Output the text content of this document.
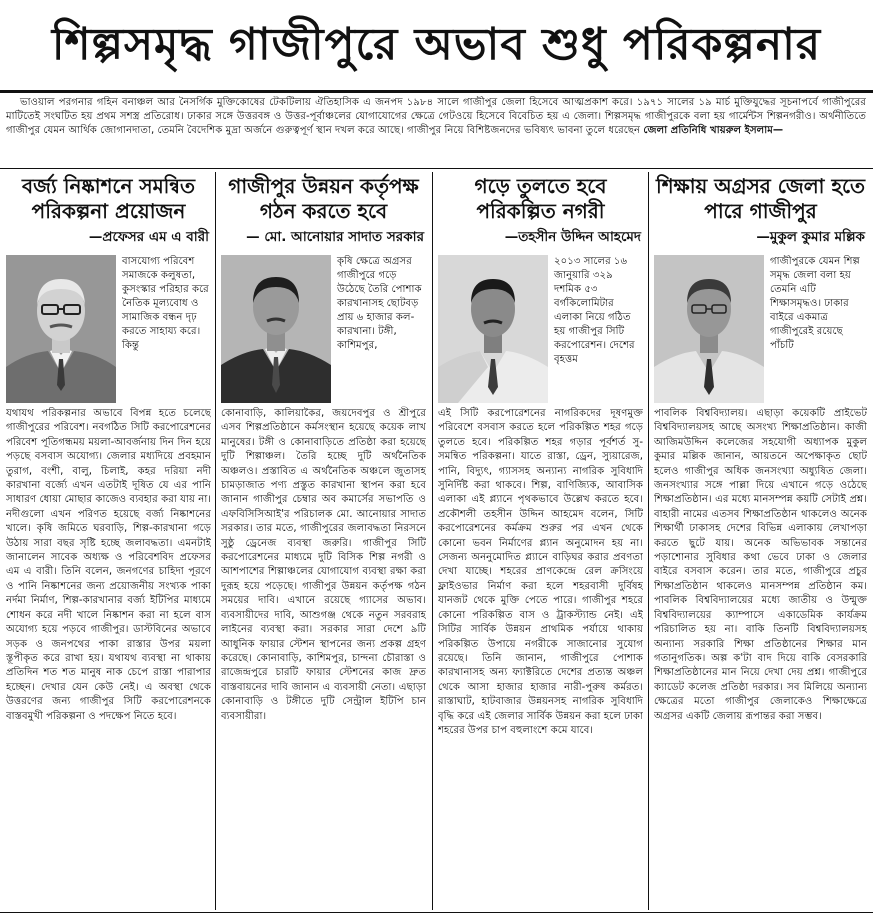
শিল্পসমৃদ্ধ গাজীপুরে অভাব শুধু পরিকল্পনার
ভাওয়াল পরগনার গহিন বনাঞ্চল আর নৈসর্গিক মুক্তিকোষের টেকটিলায় ঐতিহাসিক এ জনপদ ১৯৮৪ সালে গাজীপুর জেলা হিসেবে আত্মপ্রকাশ করে। ১৯৭১ সালের ১৯ মার্চ মুক্তিযুদ্ধের সূচনাপর্বে গাজীপুরের মাটিতেই সংঘটিত হয় প্রথম সশস্ত্র প্রতিরোধ। ঢাকার সঙ্গে উত্তরবঙ্গ ও উত্তর-পূর্বাঞ্চলের যোগাযোগের ক্ষেত্রে গেটওয়ে হিসেবে বিবেচিত হয় এ জেলা। শিল্পসমৃদ্ধ গাজীপুরকে বলা হয় গার্মেন্টস শিল্পনগরীও। অর্থনীতিতে গাজীপুর যেমন আর্থিক জোগানদাতা, তেমনি বৈদেশিক মুদ্রা অর্জনে গুরুত্বপূর্ণ স্থান দখল করে আছে। গাজীপুর নিয়ে বিশিষ্টজনদের ভবিষ্যৎ ভাবনা তুলে ধরেছেন জেলা প্রতিনিধি খায়রুল ইসলাম—
বর্জ্য নিষ্কাশনে সমন্বিত পরিকল্পনা প্রয়োজন
—প্রফেসর এম এ বারী
বাসযোগ্য পরিবেশ সমাজকে কলুষতা, কুসংস্কার পরিহার করে নৈতিক মূল্যবোধ ও সামাজিক বন্ধন দৃঢ় করতে সাহায্য করে। কিন্তু
যথাযথ পরিকল্পনার অভাবে বিপন্ন হতে চলেছে গাজীপুরের পরিবেশ। নবগঠিত সিটি করপোরেশনের পরিবেশ পূতিগন্ধময় ময়লা-আবর্জনায় দিন দিন হয়ে পড়ছে বসবাস অযোগ্য। জেলার মধ্যদিয়ে প্রবহমান তুরাগ, বংশী, বালু, চিলাই, কহর দরিয়া নদী কারখানা বর্জ্যে এখন এতটাই দূষিত যে এর পানি সাধারণ ধোয়া মোছার কাজেও ব্যবহার করা যায় না। নদীগুলো এখন পরিণত হয়েছে বর্জ্য নিষ্কাশনের খালে। কৃষি জমিতে ঘরবাড়ি, শিল্প-কারখানা গড়ে উঠায় সারা বছর সৃষ্টি হচ্ছে জলাবদ্ধতা। এমনটাই জানালেন সাবেক অধ্যক্ষ ও পরিবেশবিদ প্রফেসর এম এ বারী। তিনি বলেন, জনগণের চাহিদা পূরণে ও পানি নিষ্কাশনের জন্য প্রয়োজনীয় সংখ্যক পাকা নর্দমা নির্মাণ, শিল্প-কারখানার বর্জ্য ইটিপির মাধ্যমে শোধন করে নদী খালে নিষ্কাশন করা না হলে বাস অযোগ্য হয়ে পড়বে গাজীপুর। ডাস্টবিনের অভাবে সড়ক ও জনপথের পাকা রাস্তার উপর ময়লা স্তূপীকৃত করে রাখা হয়। যথাযথ ব্যবস্থা না থাকায় প্রতিদিন শত শত মানুষ নাক চেপে রাস্তা পারাপার হচ্ছেন। দেখার যেন কেউ নেই। এ অবস্থা থেকে উত্তরণের জন্য গাজীপুর সিটি করপোরেশনকে বাস্তবমুখী পরিকল্পনা ও পদক্ষেপ নিতে হবে।
গাজীপুর উন্নয়ন কর্তৃপক্ষ গঠন করতে হবে
— মো. আনোয়ার সাদাত সরকার
কৃষি ক্ষেত্রে অগ্রসর গাজীপুরে গড়ে উঠেছে তৈরি পোশাক কারখানাসহ ছোটবড় প্রায় ৬ হাজার কল-কারখানা। টঙ্গী, কাশিমপুর,
কোনাবাড়ি, কালিয়াকৈর, জয়দেবপুর ও শ্রীপুরে এসব শিল্পপ্রতিষ্ঠানে কর্মসংস্থান হয়েছে কয়েক লাখ মানুষের। টঙ্গী ও কোনাবাড়িতে প্রতিষ্ঠা করা হয়েছে দুটি শিল্পাঞ্চল। তৈরি হচ্ছে দুটি অর্থনৈতিক অঞ্চলও। প্রস্তাবিত এ অর্থনৈতিক অঞ্চলে জুতাসহ চামড়াজাত পণ্য প্রস্তুত কারখানা স্থাপন করা হবে জানান গাজীপুর চেম্বার অব কমার্সের সভাপতি ও এফবিসিসিআই'র পরিচালক মো. আনোয়ার সাদাত সরকার। তার মতে, গাজীপুরের জলাবদ্ধতা নিরসনে সুষ্ঠু ড্রেনেজ ব্যবস্থা জরুরি। গাজীপুর সিটি করপোরেশনের মাধ্যমে দুটি বিসিক শিল্প নগরী ও আশপাশের শিল্পাঞ্চলের যোগাযোগ ব্যবস্থা রক্ষা করা দুরূহ হয়ে পড়েছে। গাজীপুর উন্নয়ন কর্তৃপক্ষ গঠন সময়ের দাবি। এখানে রয়েছে গ্যাসের অভাব। ব্যবসায়ীদের দাবি, আশুগঞ্জ থেকে নতুন সরবরাহ লাইনের ব্যবস্থা করা। সরকার সারা দেশে ৯টি আধুনিক ফায়ার স্টেশন স্থাপনের জন্য প্রকল্প গ্রহণ করেছে। কোনাবাড়ি, কাশিমপুর, চান্দনা চৌরাস্তা ও রাজেন্দ্রপুরে চারটি ফায়ার স্টেশনের কাজ দ্রুত বাস্তবায়নের দাবি জানান এ ব্যবসায়ী নেতা। এছাড়া কোনাবাড়ি ও টঙ্গীতে দুটি সেন্ট্রাল ইটিপি চান ব্যবসায়ীরা।
গড়ে তুলতে হবে পরিকল্পিত নগরী
—তহসীন উদ্দিন আহমেদ
২০১৩ সালের ১৬ জানুয়ারি ৩২৯ দশমিক ৫৩ বর্গকিলোমিটার এলাকা নিয়ে গঠিত হয় গাজীপুর সিটি করপোরেশন। দেশের বৃহত্তম
এই সিটি করপোরেশনের নাগরিকদের দূষণমুক্ত পরিবেশে বসবাস করতে হলে পরিকল্পিত শহর গড়ে তুলতে হবে। পরিকল্পিত শহর গড়ার পূর্বশর্ত সু-সমন্বিত পরিকল্পনা। যাতে রাস্তা, ড্রেন, স্যুয়ারেজ, পানি, বিদ্যুৎ, গ্যাসসহ অন্যান্য নাগরিক সুবিধাদি সুনির্দিষ্ট করা থাকবে। শিল্প, বাণিজ্যিক, আবাসিক এলাকা এই প্ল্যানে পৃথকভাবে উল্লেখ করতে হবে। প্রকৌশলী তহসীন উদ্দিন আহমেদ বলেন, সিটি করপোরেশনের কর্মক্রম শুরুর পর এখন থেকে কোনো ভবন নির্মাণের প্ল্যান অনুমোদন হয় না। সেজন্য অননুমোদিত প্ল্যানে বাড়িঘর করার প্রবণতা দেখা যাচ্ছে। শহরের প্রাণকেন্দ্রে রেল ক্রসিংয়ে ফ্লাইওভার নির্মাণ করা হলে শহরবাসী দুর্বিষহ যানজট থেকে মুক্তি পেতে পারে। গাজীপুর শহরে কোনো পরিকল্পিত বাস ও ট্রাকস্ট্যান্ড নেই। এই সিটির সার্বিক উন্নয়ন প্রাথমিক পর্যায়ে থাকায় পরিকল্পিত উপায়ে নগরীকে সাজানোর সুযোগ রয়েছে। তিনি জানান, গাজীপুরে পোশাক কারখানাসহ অন্য ফ্যাক্টরিতে দেশের প্রত্যন্ত অঞ্চল থেকে আসা হাজার হাজার নারী-পুরুষ কর্মরত। রাস্তাঘাট, হাটবাজার উন্নয়নসহ নাগরিক সুবিধাদি বৃদ্ধি করে এই জেলার সার্বিক উন্নয়ন করা হলে ঢাকা শহরের উপর চাপ বহুলাংশে কমে যাবে।
শিক্ষায় অগ্রসর জেলা হতে পারে গাজীপুর
—মুকুল কুমার মল্লিক
গাজীপুরকে যেমন শিল্প সমৃদ্ধ জেলা বলা হয় তেমনি এটি শিক্ষাসমৃদ্ধও। ঢাকার বাইরে একমাত্র গাজীপুরেই রয়েছে পাঁচটি
পাবলিক বিশ্ববিদ্যালয়। এছাড়া কয়েকটি প্রাইভেট বিশ্ববিদ্যালয়সহ আছে অসংখ্য শিক্ষাপ্রতিষ্ঠান। কাজী আজিমউদ্দিন কলেজের সহযোগী অধ্যাপক মুকুল কুমার মল্লিক জানান, আয়তনে অপেক্ষাকৃত ছোট হলেও গাজীপুর অধিক জনসংখ্যা অধ্যুষিত জেলা। জনসংখ্যার সঙ্গে পাল্লা দিয়ে এখানে গড়ে ওঠেছে শিক্ষাপ্রতিষ্ঠান। এর মধ্যে মানসম্পন্ন কয়টি সেটাই প্রশ্ন। বাহারী নামের এতসব শিক্ষাপ্রতিষ্ঠান থাকলেও অনেক শিক্ষার্থী ঢাকাসহ দেশের বিভিন্ন এলাকায় লেখাপড়া করতে ছুটে যায়। অনেক অভিভাবক সন্তানের পড়াশোনার সুবিধার কথা ভেবে ঢাকা ও জেলার বাইরে বসবাস করেন। তার মতে, গাজীপুরে প্রচুর শিক্ষাপ্রতিষ্ঠান থাকলেও মানসম্পন্ন প্রতিষ্ঠান কম। পাবলিক বিশ্ববিদ্যালয়ের মধ্যে জাতীয় ও উন্মুক্ত বিশ্ববিদ্যালয়ের ক্যাম্পাসে একাডেমিক কার্যক্রম পরিচালিত হয় না। বাকি তিনটি বিশ্ববিদ্যালয়সহ অন্যান্য সরকারি শিক্ষা প্রতিষ্ঠানের শিক্ষার মান গতানুগতিক। অল্প ক'টা বাদ দিয়ে বাকি বেসরকারি শিক্ষাপ্রতিষ্ঠানের মান নিয়ে দেখা দেয় প্রশ্ন। গাজীপুরে ক্যাডেট কলেজ প্রতিষ্ঠা দরকার। সব মিলিয়ে অন্যান্য ক্ষেত্রের মতো গাজীপুর জেলাকেও শিক্ষাক্ষেত্রে অগ্রসর একটি জেলায় রূপান্তর করা সম্ভব।
